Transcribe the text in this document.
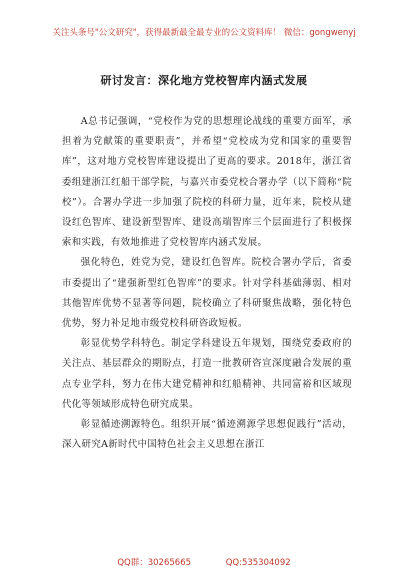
关注头条号"公文研究"，获得最新最全最专业的公文资料库！ 微信：gongwenyj
研讨发言：深化地方党校智库内涵式发展

A总书记强调，“党校作为党的思想理论战线的重要方面军，承担着为党献策的重要职责”，并希望“党校成为党和国家的重要智库”，这对地方党校智库建设提出了更高的要求。2018年，浙江省委组建浙江红船干部学院，与嘉兴市委党校合署办学（以下简称“院校”）。合署办学进一步加强了院校的科研力量，近年来，院校从建设红色智库、建设新型智库、建设高端智库三个层面进行了积极探索和实践，有效地推进了党校智库内涵式发展。

强化特色，姓党为党，建设红色智库。院校合署办学后，省委市委提出了“建强新型红色智库”的要求。针对学科基础薄弱、相对其他智库优势不显著等问题，院校确立了科研聚焦战略，强化特色优势，努力补足地市级党校科研咨政短板。

彰显优势学科特色。制定学科建设五年规划，围绕党委政府的关注点、基层群众的期盼点，打造一批教研咨宣深度融合发展的重点专业学科，努力在伟大建党精神和红船精神、共同富裕和区域现代化等领域形成特色研究成果。

彰显循迹溯源特色。组织开展“循迹溯源学思想促践行”活动，深入研究A新时代中国特色社会主义思想在浙江

QQ群：30265665	QQ:535304092
